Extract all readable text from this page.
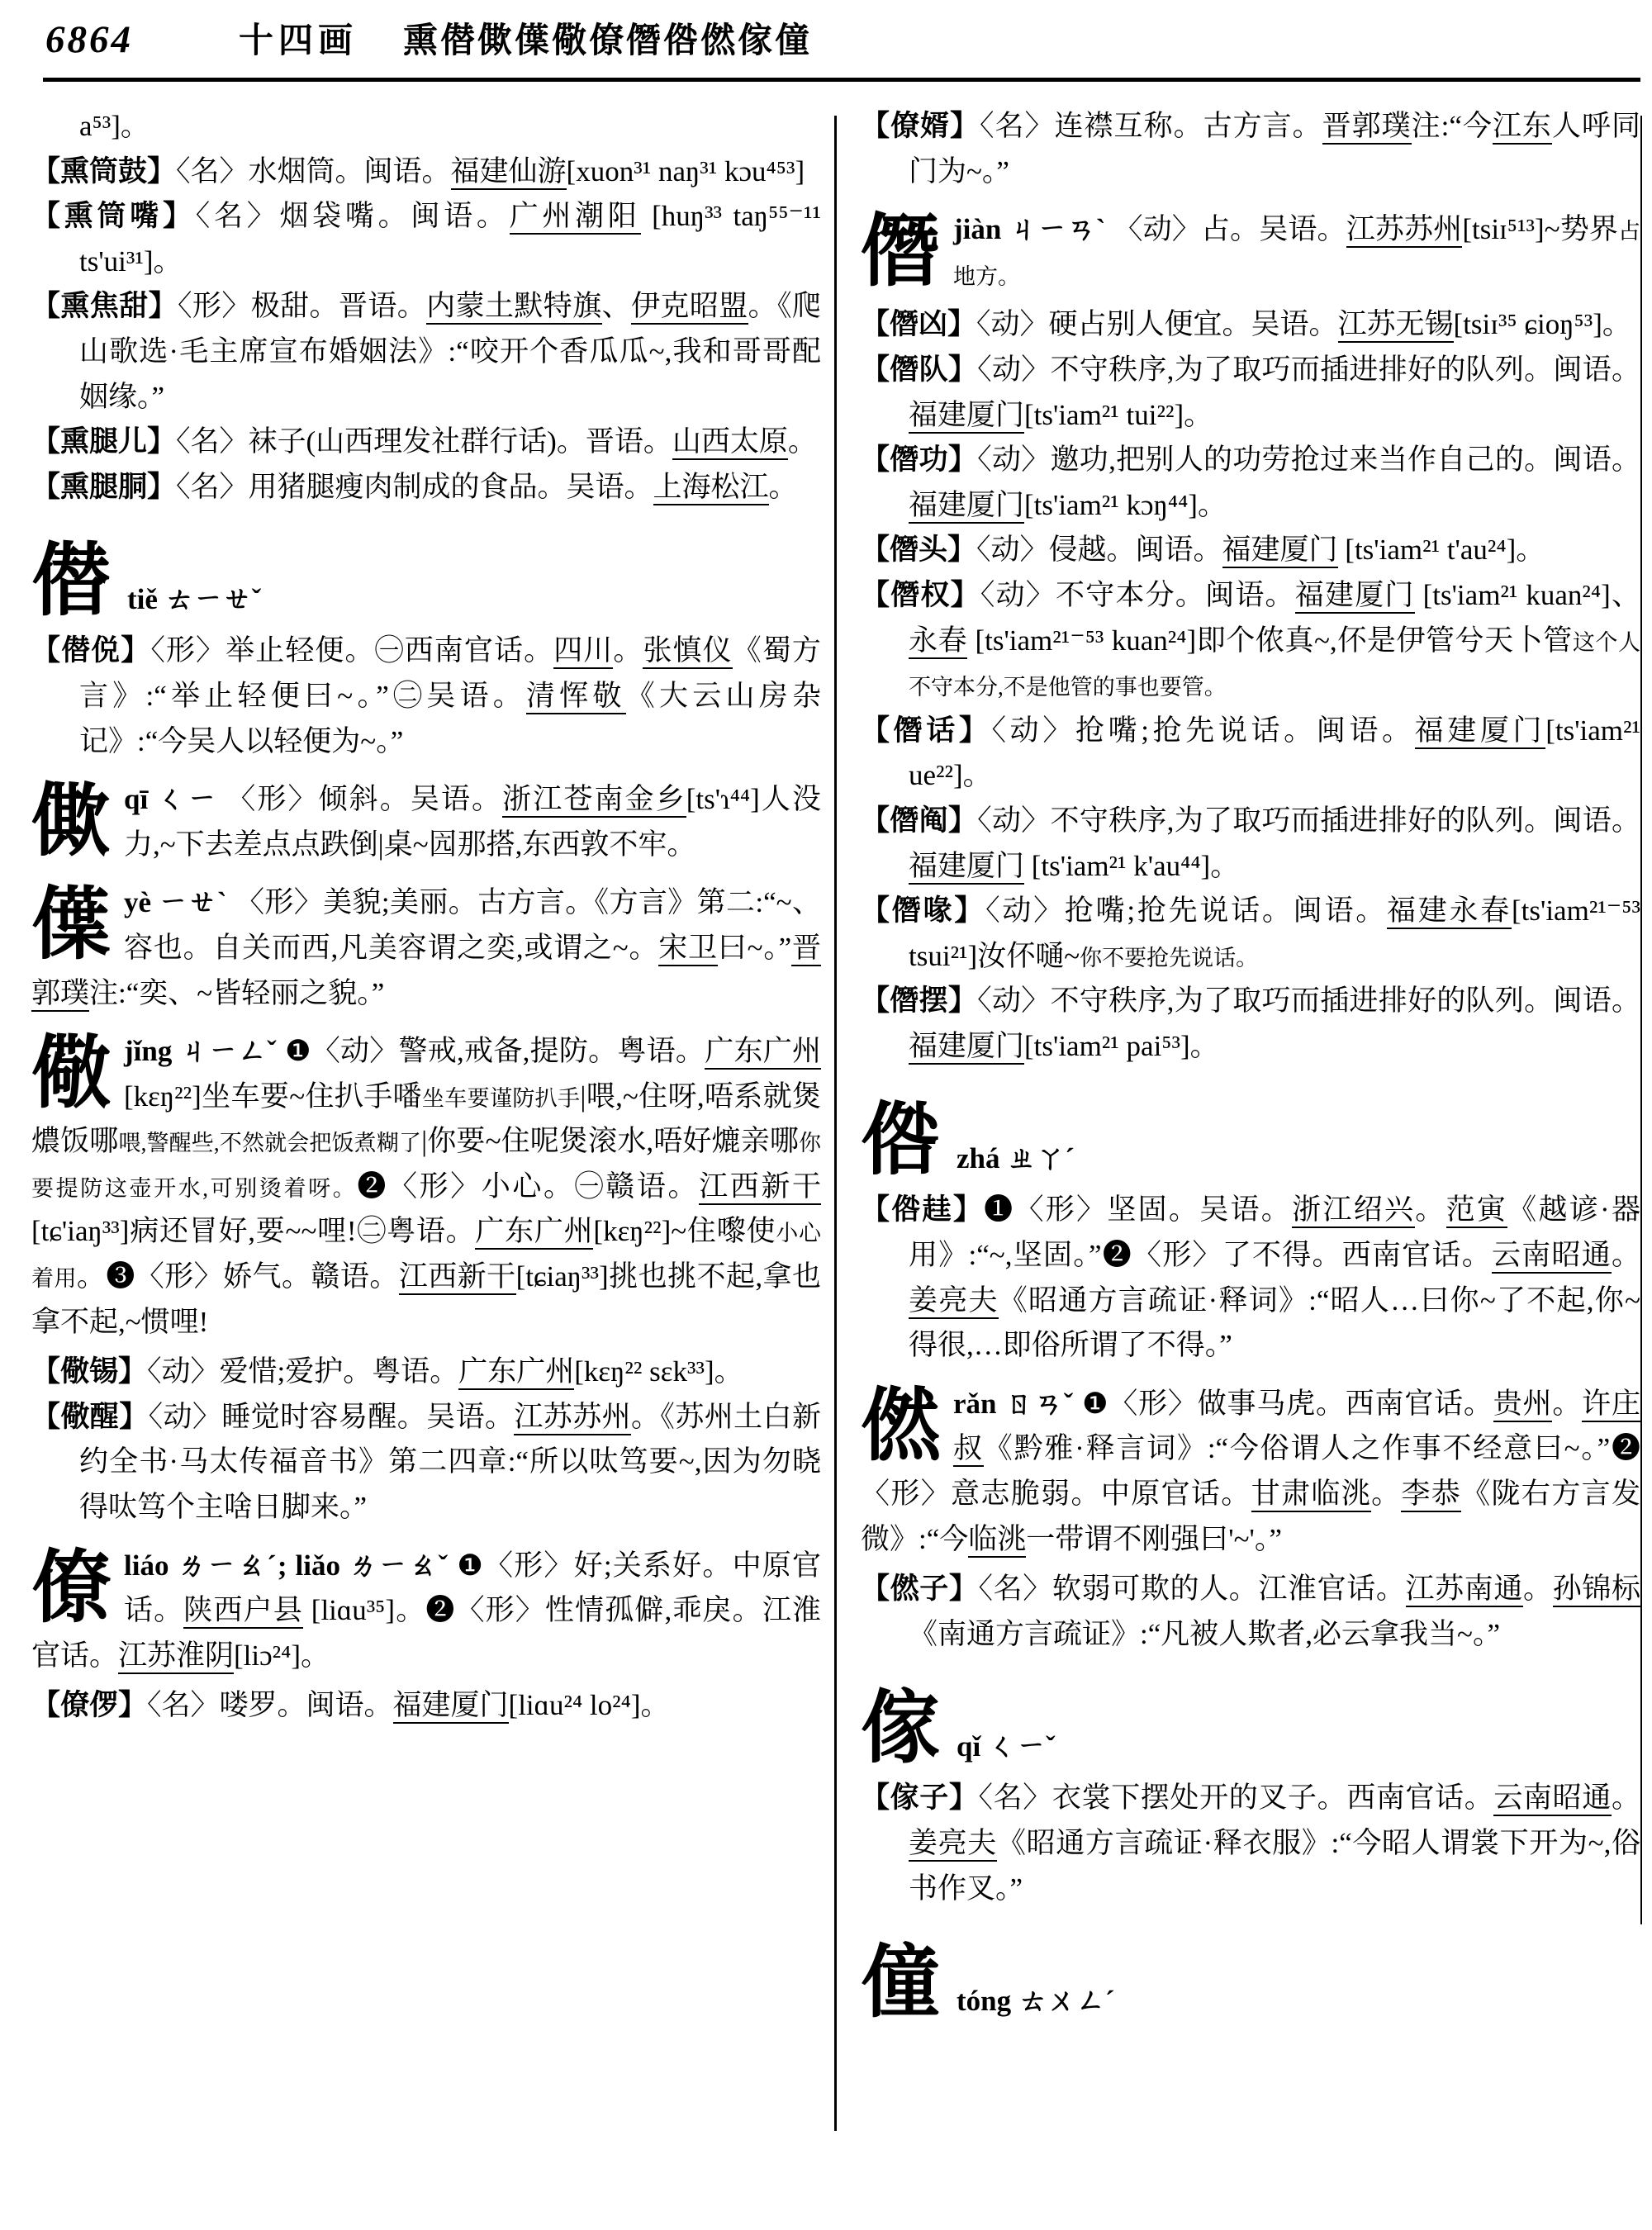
6864	十四画 熏僣僛僷儆僚僭倃㒄傢僮

a⁵³]。

【熏筒鼓】〈名〉水烟筒。闽语。福建仙游[xuon³¹ naŋ³¹ kɔu⁴⁵³]

【熏筒嘴】〈名〉烟袋嘴。闽语。广州潮阳 [huŋ³³ taŋ⁵⁵⁻¹¹ ts'ui³¹]。

【熏焦甜】〈形〉极甜。晋语。内蒙土默特旗、伊克昭盟。《爬山歌选·毛主席宣布婚姻法》:“咬开个香瓜瓜~,我和哥哥配姻缘。”

【熏腿儿】〈名〉袜子(山西理发社群行话)。晋语。山西太原。

【熏腿胴】〈名〉用猪腿瘦肉制成的食品。吴语。上海松江。

僣 tiě ㄊㄧㄝˇ

【僣侻】〈形〉举止轻便。㊀西南官话。四川。张慎仪《蜀方言》:“举止轻便曰~。”㊁吴语。清恽敬《大云山房杂记》:“今吴人以轻便为~。”

僛qī ㄑㄧ 〈形〉倾斜。吴语。浙江苍南金乡[ts'ɿ⁴⁴]人没力,~下去差点点跌倒|桌~囥那搭,东西敦不牢。

僷yè ㄧㄝˋ 〈形〉美貌;美丽。古方言。《方言》第二:“~、容也。自关而西,凡美容谓之奕,或谓之~。宋卫曰~。”晋郭璞注:“奕、~皆轻丽之貌。”

儆jǐng ㄐㄧㄥˇ ❶〈动〉警戒,戒备,提防。粤语。广东广州[kɛŋ²²]坐车要~住扒手噃坐车要谨防扒手|喂,~住呀,唔系就煲燶饭哪喂,警醒些,不然就会把饭煮糊了|你要~住呢煲滚水,唔好熝亲哪你要提防这壶开水,可别烫着呀。❷〈形〉小心。㊀赣语。江西新干[tɕ'iaŋ³³]病还冒好,要~~哩!㊁粤语。广东广州[kɛŋ²²]~住嚟使小心着用。❸〈形〉娇气。赣语。江西新干[tɕiaŋ³³]挑也挑不起,拿也拿不起,~惯哩!

【儆锡】〈动〉爱惜;爱护。粤语。广东广州[kɛŋ²² sɛk³³]。

【儆醒】〈动〉睡觉时容易醒。吴语。江苏苏州。《苏州土白新约全书·马太传福音书》第二四章:“所以呔笃要~,因为勿晓得呔笃个主啥日脚来。”

僚liáo ㄌㄧㄠˊ; liǎo ㄌㄧㄠˇ ❶〈形〉好;关系好。中原官话。陕西户县 [liɑu³⁵]。❷〈形〉性情孤僻,乖戾。江淮官话。江苏淮阴[liɔ²⁴]。

【僚㑩】〈名〉喽罗。闽语。福建厦门[liɑu²⁴ lo²⁴]。

【僚婿】〈名〉连襟互称。古方言。晋郭璞注:“今江东人呼同门为~。”

僭jiàn ㄐㄧㄢˋ 〈动〉占。吴语。江苏苏州[tsiɪ⁵¹³]~势界占地方。

【僭凶】〈动〉硬占别人便宜。吴语。江苏无锡[tsiɪ³⁵ ɕioŋ⁵³]。

【僭队】〈动〉不守秩序,为了取巧而插进排好的队列。闽语。福建厦门[ts'iam²¹ tui²²]。

【僭功】〈动〉邀功,把别人的功劳抢过来当作自己的。闽语。福建厦门[ts'iam²¹ kɔŋ⁴⁴]。

【僭头】〈动〉侵越。闽语。福建厦门 [ts'iam²¹ t'au²⁴]。

【僭权】〈动〉不守本分。闽语。福建厦门 [ts'iam²¹ kuan²⁴]、永春 [ts'iam²¹⁻⁵³ kuan²⁴]即个侬真~,伓是伊管兮天卜管这个人不守本分,不是他管的事也要管。

【僭话】〈动〉抢嘴;抢先说话。闽语。福建厦门[ts'iam²¹ ue²²]。

【僭阄】〈动〉不守秩序,为了取巧而插进排好的队列。闽语。福建厦门 [ts'iam²¹ k'au⁴⁴]。

【僭喙】〈动〉抢嘴;抢先说话。闽语。福建永春[ts'iam²¹⁻⁵³ tsui²¹]汝伓嗵~你不要抢先说话。

【僭摆】〈动〉不守秩序,为了取巧而插进排好的队列。闽语。福建厦门[ts'iam²¹ pai⁵³]。

倃 zhá ㄓㄚˊ

【倃䞨】❶〈形〉坚固。吴语。浙江绍兴。范寅《越谚·器用》:“~,坚固。”❷〈形〉了不得。西南官话。云南昭通。姜亮夫《昭通方言疏证·释词》:“昭人…曰你~了不起,你~得很,…即俗所谓了不得。”

㒄rǎn ㄖㄢˇ ❶〈形〉做事马虎。西南官话。贵州。许庄叔《黔雅·释言词》:“今俗谓人之作事不经意曰~。”❷〈形〉意志脆弱。中原官话。甘肃临洮。李恭《陇右方言发微》:“今临洮一带谓不刚强曰'~'。”

【㒄子】〈名〉软弱可欺的人。江淮官话。江苏南通。孙锦标《南通方言疏证》:“凡被人欺者,必云拿我当~。”

傢 qǐ ㄑㄧˇ

【傢子】〈名〉衣裳下摆处开的叉子。西南官话。云南昭通。姜亮夫《昭通方言疏证·释衣服》:“今昭人谓裳下开为~,俗书作叉。”

僮 tóng ㄊㄨㄥˊ
